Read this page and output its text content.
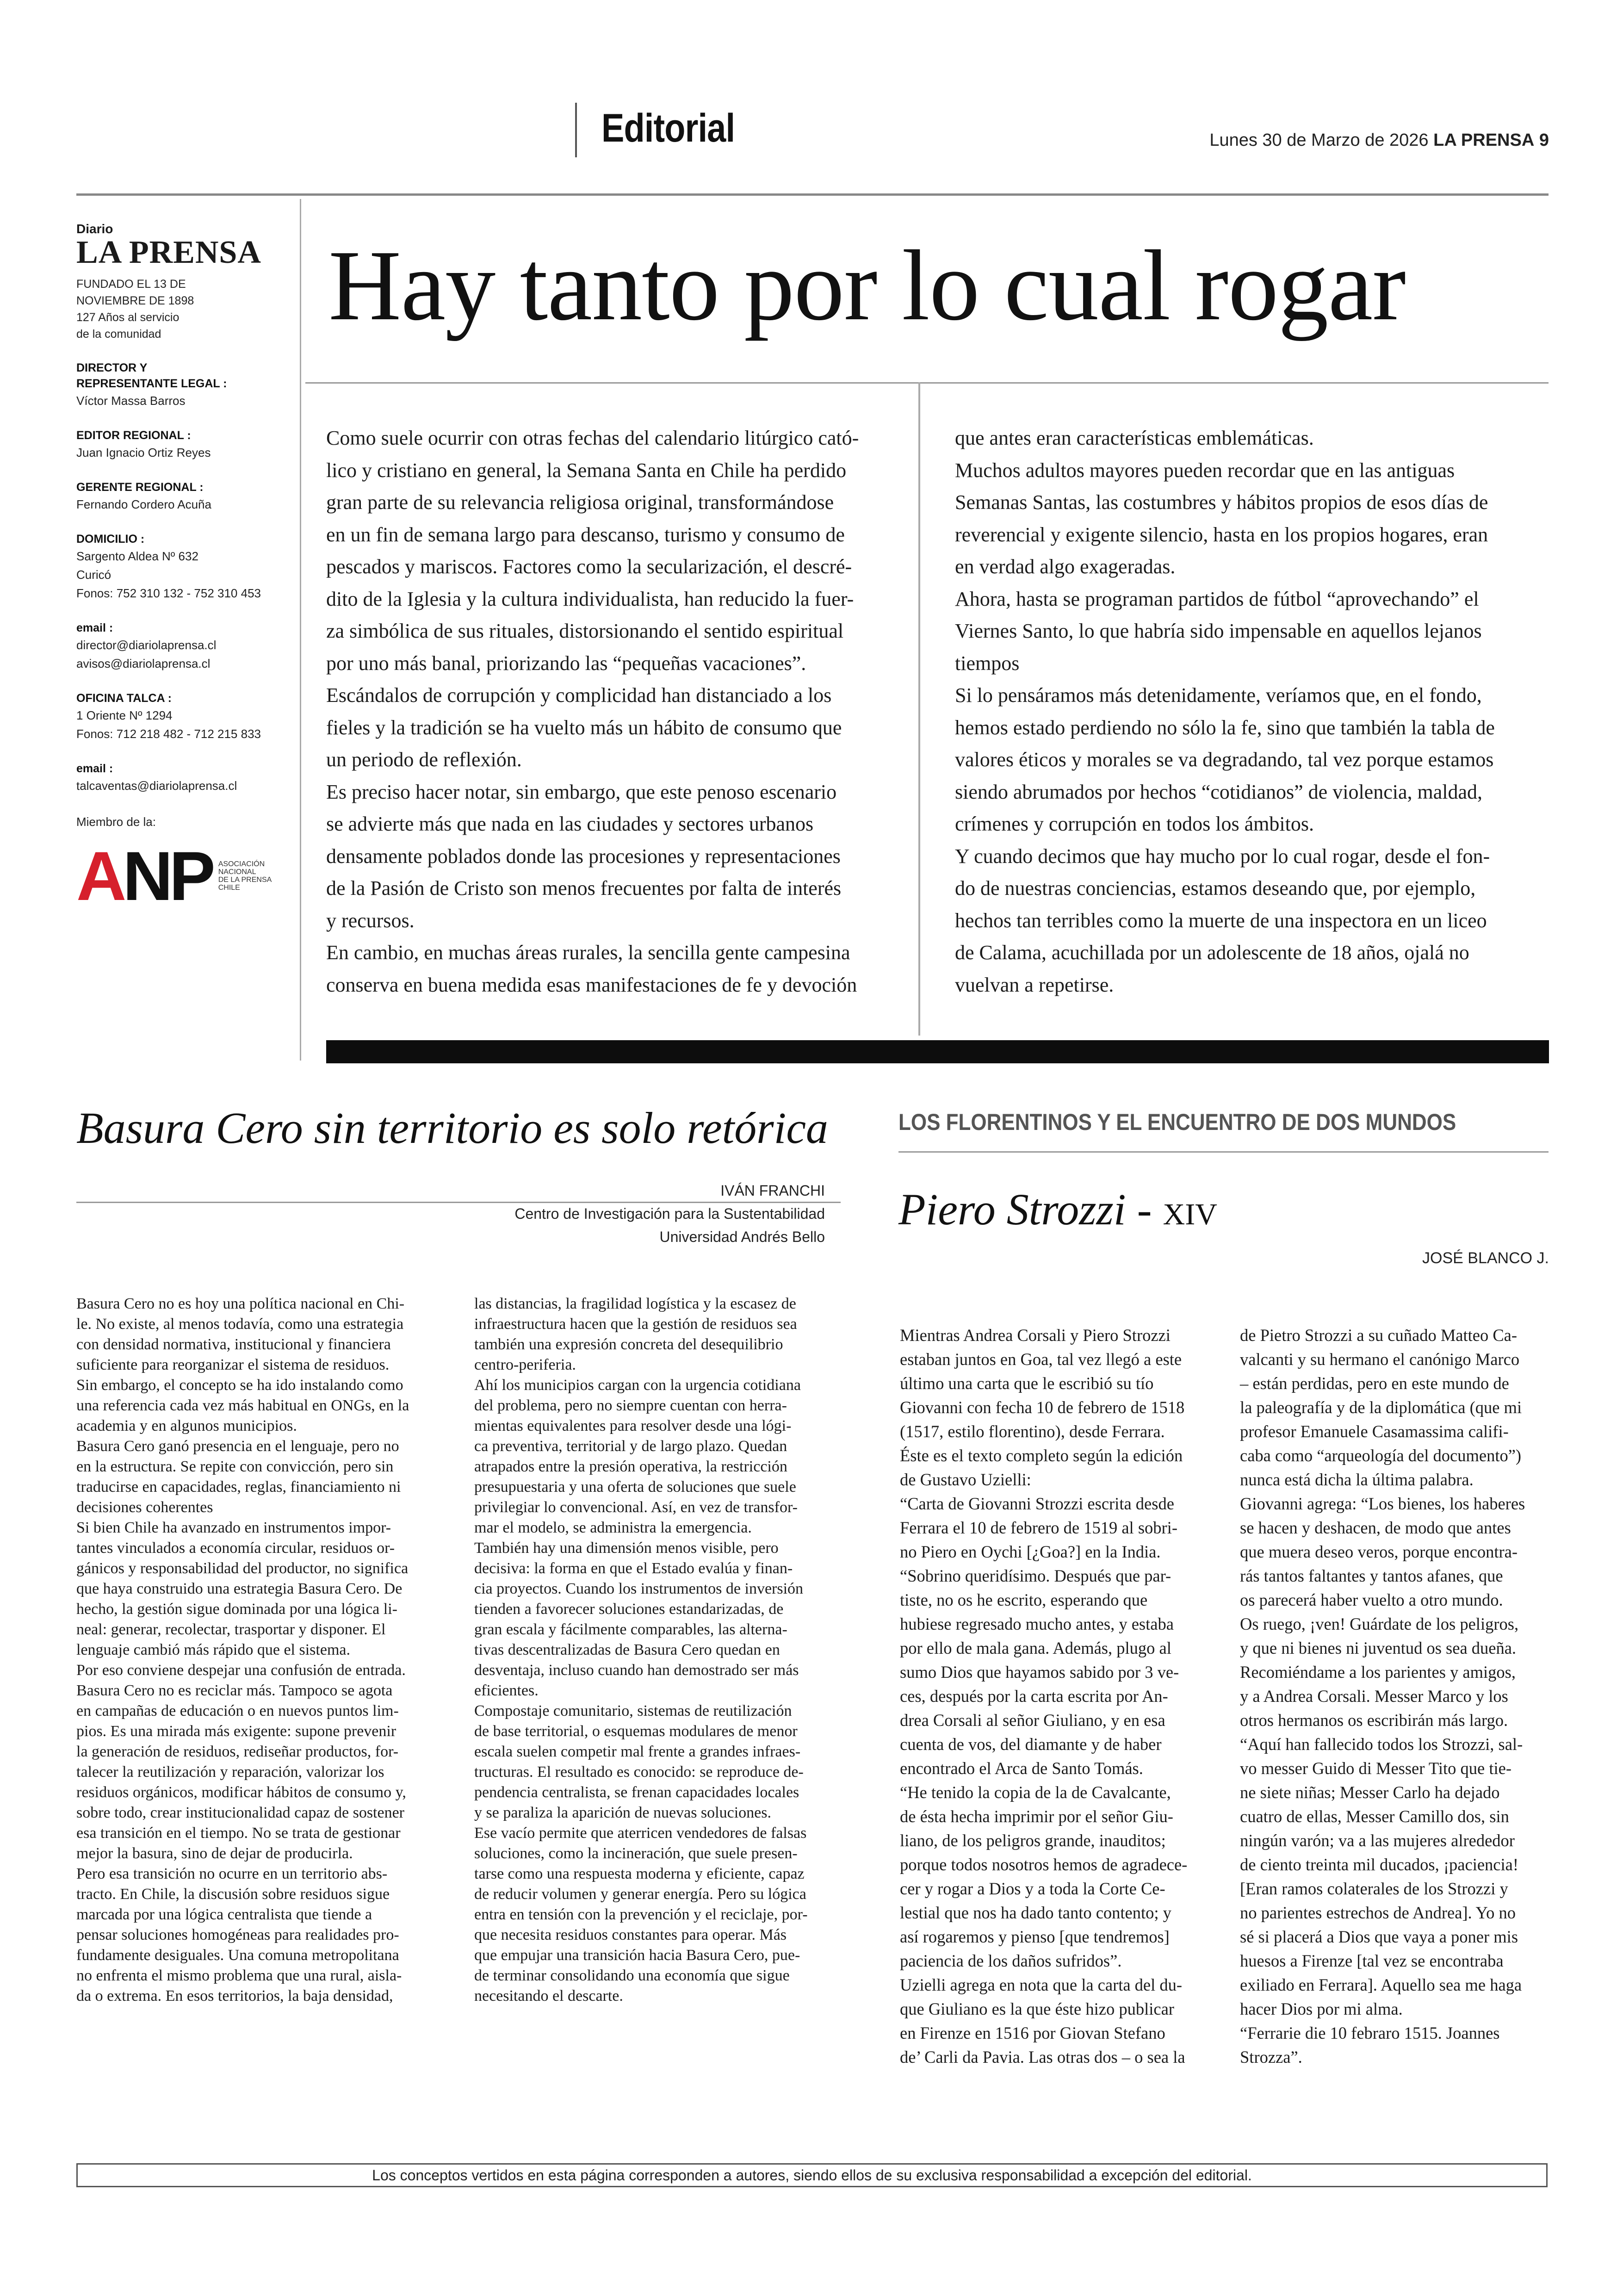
Editorial	Lunes 30 de Marzo de 2026 LA PRENSA 9
Diario
LA PRENSA
FUNDADO EL 13 DE
NOVIEMBRE DE 1898
127 Años al servicio
de la comunidad
DIRECTOR Y
REPRESENTANTE LEGAL :
Víctor Massa Barros
EDITOR REGIONAL :
Juan Ignacio Ortiz Reyes
GERENTE REGIONAL :
Fernando Cordero Acuña
DOMICILIO :
Sargento Aldea Nº 632
Curicó
Fonos: 752 310 132 - 752 310 453
email :
director@diariolaprensa.cl
avisos@diariolaprensa.cl
OFICINA TALCA :
1 Oriente Nº 1294
Fonos: 712 218 482 - 712 215 833
email :
talcaventas@diariolaprensa.cl
Miembro de la:
ANP ASOCIACIÓN
NACIONAL
DE LA PRENSA
CHILE
Hay tanto por lo cual rogar
Como suele ocurrir con otras fechas del calendario litúrgico cató-
lico y cristiano en general, la Semana Santa en Chile ha perdido
gran parte de su relevancia religiosa original, transformándose
en un fin de semana largo para descanso, turismo y consumo de
pescados y mariscos. Factores como la secularización, el descré-
dito de la Iglesia y la cultura individualista, han reducido la fuer-
za simbólica de sus rituales, distorsionando el sentido espiritual
por uno más banal, priorizando las “pequeñas vacaciones”.
Escándalos de corrupción y complicidad han distanciado a los
fieles y la tradición se ha vuelto más un hábito de consumo que
un periodo de reflexión.
Es preciso hacer notar, sin embargo, que este penoso escenario
se advierte más que nada en las ciudades y sectores urbanos
densamente poblados donde las procesiones y representaciones
de la Pasión de Cristo son menos frecuentes por falta de interés
y recursos.
En cambio, en muchas áreas rurales, la sencilla gente campesina
conserva en buena medida esas manifestaciones de fe y devoción
que antes eran características emblemáticas.
Muchos adultos mayores pueden recordar que en las antiguas
Semanas Santas, las costumbres y hábitos propios de esos días de
reverencial y exigente silencio, hasta en los propios hogares, eran
en verdad algo exageradas.
Ahora, hasta se programan partidos de fútbol “aprovechando” el
Viernes Santo, lo que habría sido impensable en aquellos lejanos
tiempos
Si lo pensáramos más detenidamente, veríamos que, en el fondo,
hemos estado perdiendo no sólo la fe, sino que también la tabla de
valores éticos y morales se va degradando, tal vez porque estamos
siendo abrumados por hechos “cotidianos” de violencia, maldad,
crímenes y corrupción en todos los ámbitos.
Y cuando decimos que hay mucho por lo cual rogar, desde el fon-
do de nuestras conciencias, estamos deseando que, por ejemplo,
hechos tan terribles como la muerte de una inspectora en un liceo
de Calama, acuchillada por un adolescente de 18 años, ojalá no
vuelvan a repetirse.
Basura Cero sin territorio es solo retórica
IVÁN FRANCHI
Centro de Investigación para la Sustentabilidad
Universidad Andrés Bello
Basura Cero no es hoy una política nacional en Chi-
le. No existe, al menos todavía, como una estrategia
con densidad normativa, institucional y financiera
suficiente para reorganizar el sistema de residuos.
Sin embargo, el concepto se ha ido instalando como
una referencia cada vez más habitual en ONGs, en la
academia y en algunos municipios.
Basura Cero ganó presencia en el lenguaje, pero no
en la estructura. Se repite con convicción, pero sin
traducirse en capacidades, reglas, financiamiento ni
decisiones coherentes
Si bien Chile ha avanzado en instrumentos impor-
tantes vinculados a economía circular, residuos or-
gánicos y responsabilidad del productor, no significa
que haya construido una estrategia Basura Cero. De
hecho, la gestión sigue dominada por una lógica li-
neal: generar, recolectar, trasportar y disponer. El
lenguaje cambió más rápido que el sistema.
Por eso conviene despejar una confusión de entrada.
Basura Cero no es reciclar más. Tampoco se agota
en campañas de educación o en nuevos puntos lim-
pios. Es una mirada más exigente: supone prevenir
la generación de residuos, rediseñar productos, for-
talecer la reutilización y reparación, valorizar los
residuos orgánicos, modificar hábitos de consumo y,
sobre todo, crear institucionalidad capaz de sostener
esa transición en el tiempo. No se trata de gestionar
mejor la basura, sino de dejar de producirla.
Pero esa transición no ocurre en un territorio abs-
tracto. En Chile, la discusión sobre residuos sigue
marcada por una lógica centralista que tiende a
pensar soluciones homogéneas para realidades pro-
fundamente desiguales. Una comuna metropolitana
no enfrenta el mismo problema que una rural, aisla-
da o extrema. En esos territorios, la baja densidad,
las distancias, la fragilidad logística y la escasez de
infraestructura hacen que la gestión de residuos sea
también una expresión concreta del desequilibrio
centro-periferia.
Ahí los municipios cargan con la urgencia cotidiana
del problema, pero no siempre cuentan con herra-
mientas equivalentes para resolver desde una lógi-
ca preventiva, territorial y de largo plazo. Quedan
atrapados entre la presión operativa, la restricción
presupuestaria y una oferta de soluciones que suele
privilegiar lo convencional. Así, en vez de transfor-
mar el modelo, se administra la emergencia.
También hay una dimensión menos visible, pero
decisiva: la forma en que el Estado evalúa y finan-
cia proyectos. Cuando los instrumentos de inversión
tienden a favorecer soluciones estandarizadas, de
gran escala y fácilmente comparables, las alterna-
tivas descentralizadas de Basura Cero quedan en
desventaja, incluso cuando han demostrado ser más
eficientes.
Compostaje comunitario, sistemas de reutilización
de base territorial, o esquemas modulares de menor
escala suelen competir mal frente a grandes infraes-
tructuras. El resultado es conocido: se reproduce de-
pendencia centralista, se frenan capacidades locales
y se paraliza la aparición de nuevas soluciones.
Ese vacío permite que aterricen vendedores de falsas
soluciones, como la incineración, que suele presen-
tarse como una respuesta moderna y eficiente, capaz
de reducir volumen y generar energía. Pero su lógica
entra en tensión con la prevención y el reciclaje, por-
que necesita residuos constantes para operar. Más
que empujar una transición hacia Basura Cero, pue-
de terminar consolidando una economía que sigue
necesitando el descarte.
LOS FLORENTINOS Y EL ENCUENTRO DE DOS MUNDOS
Piero Strozzi - XIV
JOSÉ BLANCO J.
Mientras Andrea Corsali y Piero Strozzi
estaban juntos en Goa, tal vez llegó a este
último una carta que le escribió su tío
Giovanni con fecha 10 de febrero de 1518
(1517, estilo florentino), desde Ferrara.
Éste es el texto completo según la edición
de Gustavo Uzielli:
“Carta de Giovanni Strozzi escrita desde
Ferrara el 10 de febrero de 1519 al sobri-
no Piero en Oychi [¿Goa?] en la India.
“Sobrino queridísimo. Después que par-
tiste, no os he escrito, esperando que
hubiese regresado mucho antes, y estaba
por ello de mala gana. Además, plugo al
sumo Dios que hayamos sabido por 3 ve-
ces, después por la carta escrita por An-
drea Corsali al señor Giuliano, y en esa
cuenta de vos, del diamante y de haber
encontrado el Arca de Santo Tomás.
“He tenido la copia de la de Cavalcante,
de ésta hecha imprimir por el señor Giu-
liano, de los peligros grande, inauditos;
porque todos nosotros hemos de agradece-
cer y rogar a Dios y a toda la Corte Ce-
lestial que nos ha dado tanto contento; y
así rogaremos y pienso [que tendremos]
paciencia de los daños sufridos”.
Uzielli agrega en nota que la carta del du-
que Giuliano es la que éste hizo publicar
en Firenze en 1516 por Giovan Stefano
de’ Carli da Pavia. Las otras dos – o sea la
de Pietro Strozzi a su cuñado Matteo Ca-
valcanti y su hermano el canónigo Marco
– están perdidas, pero en este mundo de
la paleografía y de la diplomática (que mi
profesor Emanuele Casamassima califi-
caba como “arqueología del documento”)
nunca está dicha la última palabra.
Giovanni agrega: “Los bienes, los haberes
se hacen y deshacen, de modo que antes
que muera deseo veros, porque encontra-
rás tantos faltantes y tantos afanes, que
os parecerá haber vuelto a otro mundo.
Os ruego, ¡ven! Guárdate de los peligros,
y que ni bienes ni juventud os sea dueña.
Recomiéndame a los parientes y amigos,
y a Andrea Corsali. Messer Marco y los
otros hermanos os escribirán más largo.
“Aquí han fallecido todos los Strozzi, sal-
vo messer Guido di Messer Tito que tie-
ne siete niñas; Messer Carlo ha dejado
cuatro de ellas, Messer Camillo dos, sin
ningún varón; va a las mujeres alrededor
de ciento treinta mil ducados, ¡paciencia!
[Eran ramos colaterales de los Strozzi y
no parientes estrechos de Andrea]. Yo no
sé si placerá a Dios que vaya a poner mis
huesos a Firenze [tal vez se encontraba
exiliado en Ferrara]. Aquello sea me haga
hacer Dios por mi alma.
“Ferrarie die 10 febraro 1515. Joannes
Strozza”.
Los conceptos vertidos en esta página corresponden a autores, siendo ellos de su exclusiva responsabilidad a excepción del editorial.
